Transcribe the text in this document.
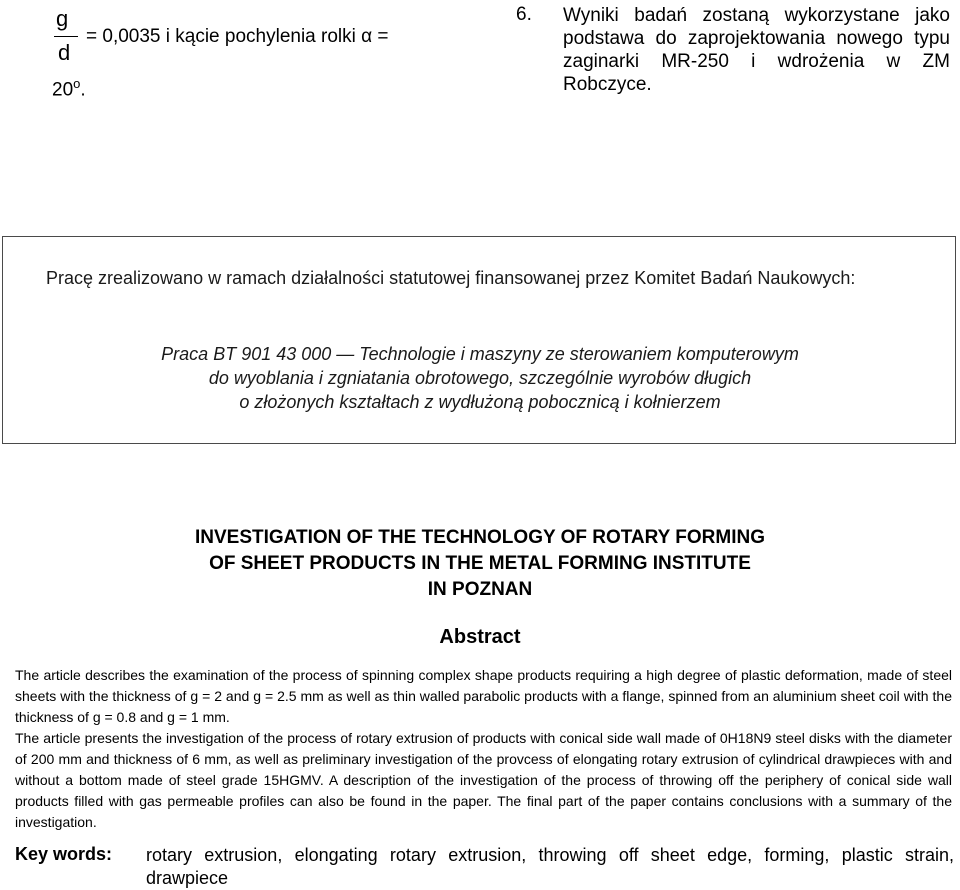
g
d
= 0,0035 i kącie pochylenia rolki α =
$20^o$.
6. Wyniki badań zostaną wykorzystane jako podstawa do zaprojektowania nowego typu zaginarki MR-250 i wdrożenia w ZM Robczyce.
Pracę zrealizowano w ramach działalności statutowej finansowanej przez Komitet Badań Naukowych:
Praca BT 901 43 000 — Technologie i maszyny ze sterowaniem komputerowym
do wyoblania i zgniatania obrotowego, szczególnie wyrobów długich
o złożonych kształtach z wydłużoną pobocznicą i kołnierzem
INVESTIGATION OF THE TECHNOLOGY OF ROTARY FORMING
OF SHEET PRODUCTS IN THE METAL FORMING INSTITUTE
IN POZNAN
Abstract

The article describes the examination of the process of spinning complex shape products requiring a high degree of plastic deformation, made of steel sheets with the thickness of g = 2 and g = 2.5 mm as well as thin walled parabolic products with a flange, spinned from an aluminium sheet coil with the thickness of g = 0.8 and g = 1 mm.

The article presents the investigation of the process of rotary extrusion of products with conical side wall made of 0H18N9 steel disks with the diameter of 200 mm and thickness of 6 mm, as well as preliminary investigation of the provcess of elongating rotary extrusion of cylindrical drawpieces with and without a bottom made of steel grade 15HGMV. A description of the investigation of the process of throwing off the periphery of conical side wall products filled with gas permeable profiles can also be found in the paper. The final part of the paper contains conclusions with a summary of the investigation.

Key words: rotary extrusion, elongating rotary extrusion, throwing off sheet edge, forming, plastic strain, drawpiece
